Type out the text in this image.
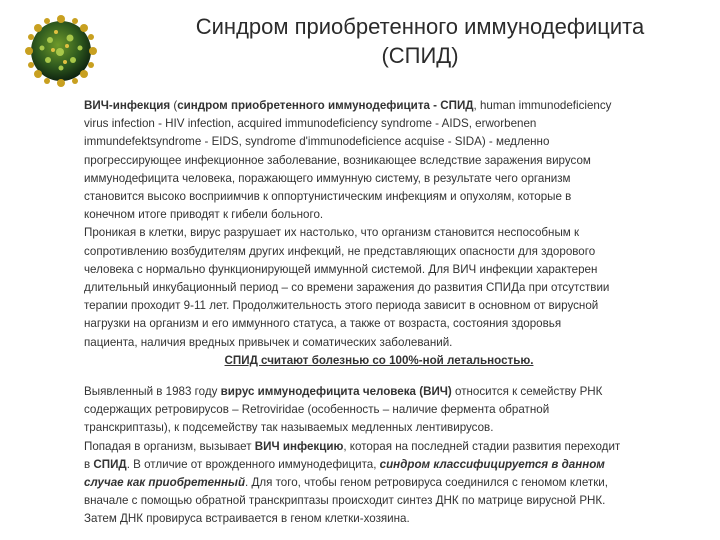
Синдром приобретенного иммунодефицита
(СПИД)

ВИЧ-инфекция (синдром приобретенного иммунодефицита - СПИД, human immunodeficiency
virus infection - HIV infection, acquired immunodeficiency syndrome - AIDS, erworbenen
immundefektsyndrome - EIDS, syndrome d'immunodeficience acquise - SIDA) - медленно
прогрессирующее инфекционное заболевание, возникающее вследствие заражения вирусом
иммунодефицита человека, поражающего иммунную систему, в результате чего организм
становится высоко восприимчив к оппортунистическим инфекциям и опухолям, которые в
конечном итоге приводят к гибели больного.

Проникая в клетки, вирус разрушает их настолько, что организм становится неспособным к
сопротивлению возбудителям других инфекций, не представляющих опасности для здорового
человека с нормально функционирующей иммунной системой. Для ВИЧ инфекции характерен
длительный инкубационный период – со времени заражения до развития СПИДа при отсутствии
терапии проходит 9-11 лет. Продолжительность этого периода зависит в основном от вирусной
нагрузки на организм и его иммунного статуса, а также от возраста, состояния здоровья
пациента, наличия вредных привычек и соматических заболеваний.

СПИД считают болезнью со 100%-ной летальностью.

Выявленный в 1983 году вирус иммунодефицита человека (ВИЧ) относится к семейству РНК
содержащих ретровирусов – Retroviridae (особенность – наличие фермента обратной
транскриптазы), к подсемейству так называемых медленных лентивирусов.

Попадая в организм, вызывает ВИЧ инфекцию, которая на последней стадии развития переходит
в СПИД. В отличие от врожденного иммунодефицита, синдром классифицируется в данном
случае как приобретенный. Для того, чтобы геном ретровируса соединился с геномом клетки,
вначале с помощью обратной транскриптазы происходит синтез ДНК по матрице вирусной РНК.
Затем ДНК провируса встраивается в геном клетки-хозяина.
